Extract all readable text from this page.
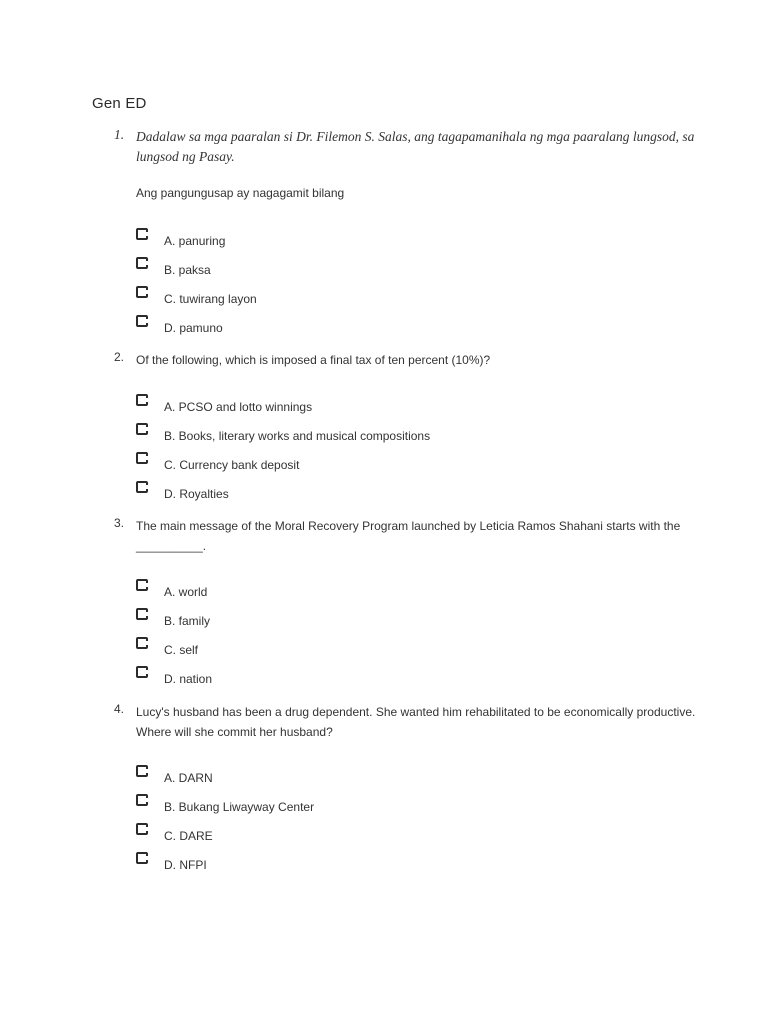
Gen ED
1. Dadalaw sa mga paaralan si Dr. Filemon S. Salas, ang tagapamanihala ng mga paaralang lungsod, sa lungsod ng Pasay.
Ang pangungusap ay nagagamit bilang
A. panuring
B. paksa
C. tuwirang layon
D. pamuno
2. Of the following, which is imposed a final tax of ten percent (10%)?
A. PCSO and lotto winnings
B. Books, literary works and musical compositions
C. Currency bank deposit
D. Royalties
3. The main message of the Moral Recovery Program launched by Leticia Ramos Shahani starts with the __________.
A. world
B. family
C. self
D. nation
4. Lucy's husband has been a drug dependent. She wanted him rehabilitated to be economically productive. Where will she commit her husband?
A. DARN
B. Bukang Liwayway Center
C. DARE
D. NFPI
